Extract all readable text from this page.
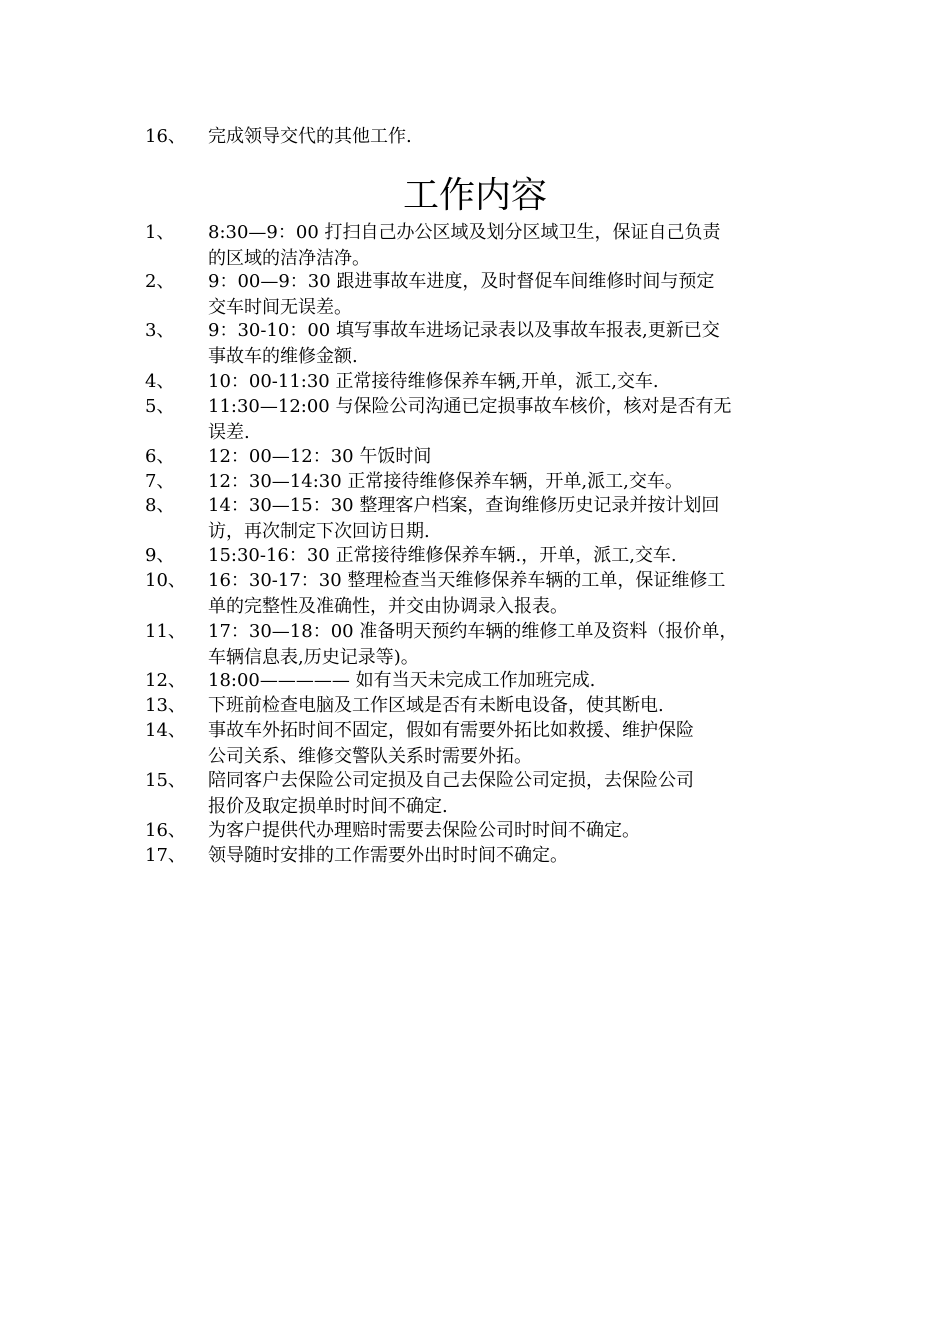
16、	完成领导交代的其他工作.
工作内容
1、	8:30—9：00 打扫自己办公区域及划分区域卫生，保证自己负责
的区域的洁净洁净。
2、	9：00—9：30 跟进事故车进度，及时督促车间维修时间与预定
交车时间无误差。
3、	9：30-10：00 填写事故车进场记录表以及事故车报表,更新已交
事故车的维修金额.
4、	10：00-11:30 正常接待维修保养车辆,开单，派工,交车.
5、	11:30—12:00 与保险公司沟通已定损事故车核价，核对是否有无
误差.
6、	12：00—12：30 午饭时间
7、	12：30—14:30 正常接待维修保养车辆，开单,派工,交车。
8、	14：30—15：30 整理客户档案，查询维修历史记录并按计划回
访，再次制定下次回访日期.
9、	15:30-16：30 正常接待维修保养车辆.，开单，派工,交车.
10、	16：30-17：30 整理检查当天维修保养车辆的工单，保证维修工
单的完整性及准确性，并交由协调录入报表。
11、	17：30—18：00 准备明天预约车辆的维修工单及资料（报价单，
车辆信息表,历史记录等)。
12、	18:00————— 如有当天未完成工作加班完成.
13、	下班前检查电脑及工作区域是否有未断电设备，使其断电.
14、	事故车外拓时间不固定，假如有需要外拓比如救援、维护保险
公司关系、维修交警队关系时需要外拓。
15、	陪同客户去保险公司定损及自己去保险公司定损，去保险公司
报价及取定损单时时间不确定.
16、	为客户提供代办理赔时需要去保险公司时时间不确定。
17、	领导随时安排的工作需要外出时时间不确定。
